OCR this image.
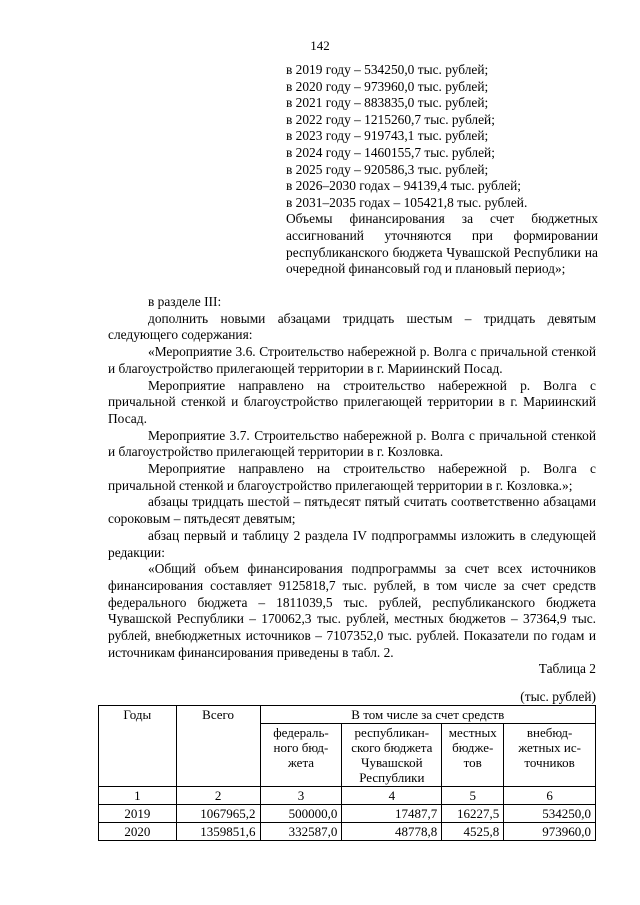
142
в 2019 году – 534250,0 тыс. рублей;
в 2020 году – 973960,0 тыс. рублей;
в 2021 году – 883835,0 тыс. рублей;
в 2022 году – 1215260,7 тыс. рублей;
в 2023 году – 919743,1 тыс. рублей;
в 2024 году – 1460155,7 тыс. рублей;
в 2025 году – 920586,3 тыс. рублей;
в 2026–2030 годах – 94139,4 тыс. рублей;
в 2031–2035 годах – 105421,8 тыс. рублей.
Объемы финансирования за счет бюджетных ассигнований уточняются при формировании республиканского бюджета Чувашской Республики на очередной финансовый год и плановый период»;

в разделе III:

дополнить новыми абзацами тридцать шестым – тридцать девятым следующего содержания:

«Мероприятие 3.6. Строительство набережной р. Волга с причальной стенкой и благоустройство прилегающей территории в г. Мариинский Посад.

Мероприятие направлено на строительство набережной р. Волга с причальной стенкой и благоустройство прилегающей территории в г. Мариинский Посад.

Мероприятие 3.7. Строительство набережной р. Волга с причальной стенкой и благоустройство прилегающей территории в г. Козловка.

Мероприятие направлено на строительство набережной р. Волга с причальной стенкой и благоустройство прилегающей территории в г. Козловка.»;

абзацы тридцать шестой – пятьдесят пятый считать соответственно абзацами сороковым – пятьдесят девятым;

абзац первый и таблицу 2 раздела IV подпрограммы изложить в следующей редакции:

«Общий объем финансирования подпрограммы за счет всех источников финансирования составляет 9125818,7 тыс. рублей, в том числе за счет средств федерального бюджета – 1811039,5 тыс. рублей, республиканского бюджета Чувашской Республики – 170062,3 тыс. рублей, местных бюджетов – 37364,9 тыс. рублей, внебюджетных источников – 7107352,0 тыс. рублей. Показатели по годам и источникам финансирования приведены в табл. 2.

Таблица 2
(тыс. рублей)
Годы	Всего	В том числе за счет средств			
		федераль-ного бюд-жета	республикан-ского бюджета Чувашской Республики	местных бюдже-тов	внебюд-жетных ис-точников
1	2	3	4	5	6
2019	1067965,2	500000,0	17487,7	16227,5	534250,0
2020	1359851,6	332587,0	48778,8	4525,8	973960,0
